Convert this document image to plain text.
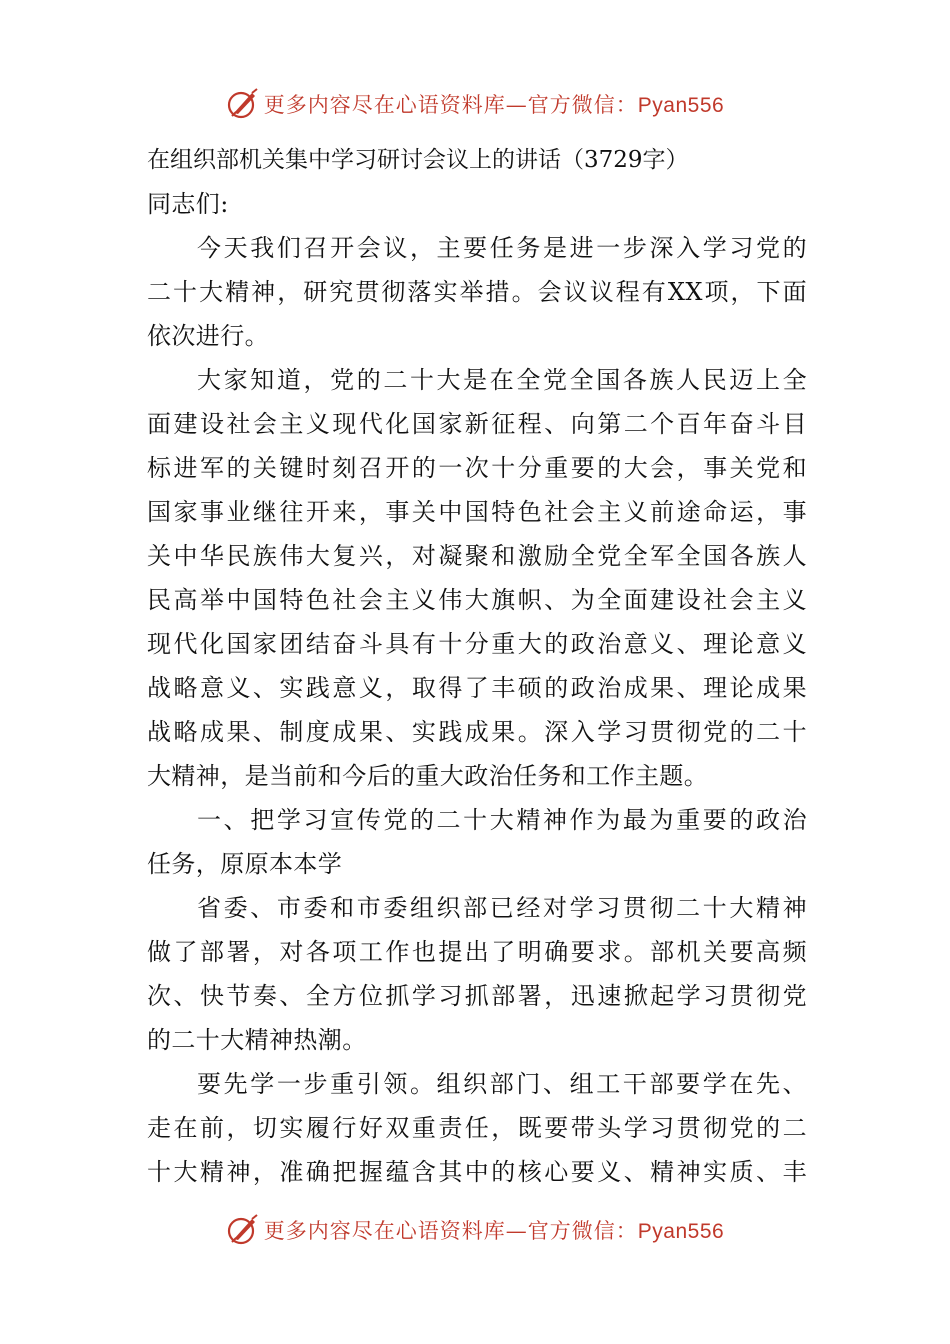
更多内容尽在心语资料库—官方微信：Pyan556
在组织部机关集中学习研讨会议上的讲话（3729字）
同志们:
今天我们召开会议，主要任务是进一步深入学习党的
二十大精神，研究贯彻落实举措。会议议程有XX项，下面
依次进行。
大家知道，党的二十大是在全党全国各族人民迈上全
面建设社会主义现代化国家新征程、向第二个百年奋斗目
标进军的关键时刻召开的一次十分重要的大会，事关党和
国家事业继往开来，事关中国特色社会主义前途命运，事
关中华民族伟大复兴，对凝聚和激励全党全军全国各族人
民高举中国特色社会主义伟大旗帜、为全面建设社会主义
现代化国家团结奋斗具有十分重大的政治意义、理论意义
战略意义、实践意义，取得了丰硕的政治成果、理论成果
战略成果、制度成果、实践成果。深入学习贯彻党的二十
大精神，是当前和今后的重大政治任务和工作主题。
一、把学习宣传党的二十大精神作为最为重要的政治
任务，原原本本学
省委、市委和市委组织部已经对学习贯彻二十大精神
做了部署，对各项工作也提出了明确要求。部机关要高频
次、快节奏、全方位抓学习抓部署，迅速掀起学习贯彻党
的二十大精神热潮。
要先学一步重引领。组织部门、组工干部要学在先、
走在前，切实履行好双重责任，既要带头学习贯彻党的二
十大精神，准确把握蕴含其中的核心要义、精神实质、丰
更多内容尽在心语资料库—官方微信：Pyan556
